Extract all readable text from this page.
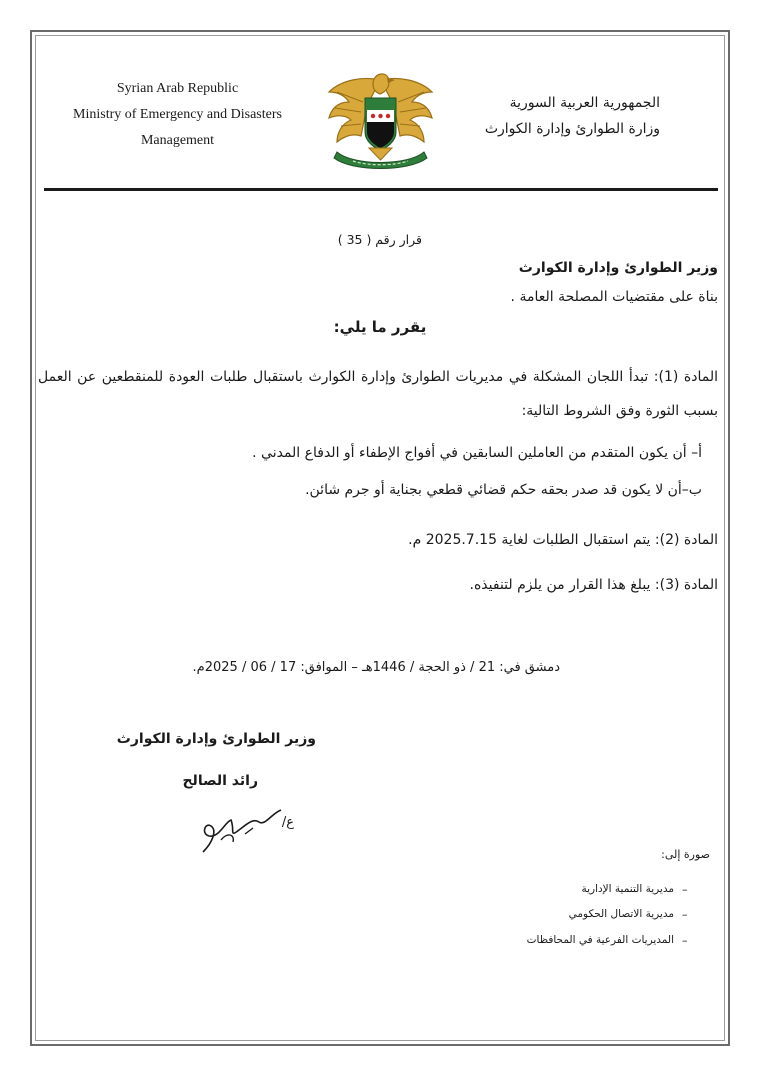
Syrian Arab Republic
Ministry of Emergency and Disasters
Management
الجمهورية العربية السورية
وزارة الطوارئ وإدارة الكوارث
قرار رقم ( 35 )
وزير الطوارئ وإدارة الكوارث
بناة على مقتضيات المصلحة العامة .
يقرر ما يلي:
المادة (1): تبدأ اللجان المشكلة في مديريات الطوارئ وإدارة الكوارث باستقبال طلبات العودة للمنقطعين عن العمل بسبب الثورة وفق الشروط التالية:
أ– أن يكون المتقدم من العاملين السابقين في أفواج الإطفاء أو الدفاع المدني .
ب–أن لا يكون قد صدر بحقه حكم قضائي قطعي بجناية أو جرم شائن.
المادة (2): يتم استقبال الطلبات لغاية 2025.7.15 م.
المادة (3): يبلغ هذا القرار من يلزم لتنفيذه.
دمشق في: 21 / ذو الحجة / 1446هـ – الموافق: 17 / 06 / 2025م.
وزير الطوارئ وإدارة الكوارث
رائد الصالح
ع/
صورة إلى:
مديرية التنمية الإدارية –
مديرية الاتصال الحكومي –
المديريات الفرعية في المحافظات –
